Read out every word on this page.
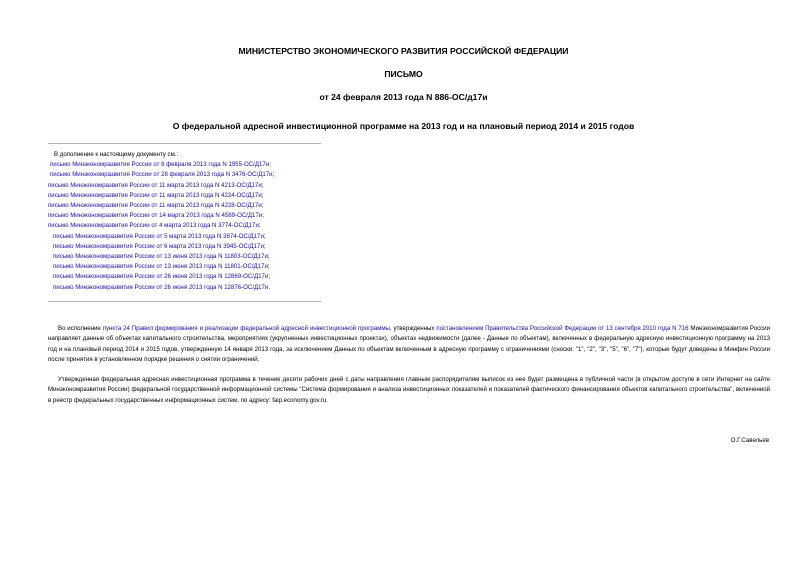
МИНИСТЕРСТВО ЭКОНОМИЧЕСКОГО РАЗВИТИЯ РОССИЙСКОЙ ФЕДЕРАЦИИ
ПИСЬМО
от 24 февраля 2013 года N 886-ОС/д17и
О федеральной адресной инвестиционной программе на 2013 год и на плановый период 2014 и 2015 годов
В дополнение к настоящему документу см.:
письмо Минэкономразвития России от 8 февраля 2013 года N 1955-ОС/Д17и;
письмо Минэкономразвития России от 28 февраля 2013 года N 3476-ОС/Д17и;
письмо Минэкономразвития России от 11 марта 2013 года N 4213-ОС/Д17и;
письмо Минэкономразвития России от 11 марта 2013 года N 4224-ОС/Д17и;
письмо Минэкономразвития России от 11 марта 2013 года N 4228-ОС/Д17и;
письмо Минэкономразвития России от 14 марта 2013 года N 4589-ОС/Д17и;
письмо Минэкономразвития России от 4 марта 2013 года N 3774-ОС/Д17и;
письмо Минэкономразвития России от 5 марта 2013 года N 3874-ОС/Д17и;
письмо Минэкономразвития России от 6 марта 2013 года N 3945-ОС/Д17и;
письмо Минэкономразвития России от 13 июня 2013 года N 11803-ОС/Д17и;
письмо Минэкономразвития России от 13 июня 2013 года N 11801-ОС/Д17и;
письмо Минэкономразвития России от 26 июня 2013 года N 12869-ОС/Д17и;
письмо Минэкономразвития России от 26 июня 2013 года N 12876-ОС/Д17и.
Во исполнение пункта 24 Правил формирования и реализации федеральной адресной инвестиционной программы, утвержденных постановлением Правительства Российской Федерации от 13 сентября 2010 года N 716 Минэкономразвития России направляет данные об объектах капитального строительства, мероприятиях (укрупненных инвестиционных проектах), объектах недвижимости (далее - Данные по объектам), включенных в федеральную адресную инвестиционную программу на 2013 год и на плановый период 2014 и 2015 годов, утвержденную 14 января 2013 года, за исключением Данных по объектам включенным в адресную программу с ограничениями (сноски: "1", "2", "3", "5", "6", "7"), которые будут доведены в Минфин России после принятия в установленном порядке решения о снятии ограничений.
Утвержденная федеральная адресная инвестиционная программа в течение десяти рабочих дней с даты направления главным распорядителям выписок из нее будет размещена в публичной части (в открытом доступе в сети Интернет на сайте Минэкономразвития России) федеральной государственной информационной системы "Система формирования и анализа инвестиционных показателей и показателей фактического финансирования объектов капитального строительства", включенной в реестр федеральных государственных информационных систем, по адресу: faip.economy.gov.ru.
О.Г.Савельев
